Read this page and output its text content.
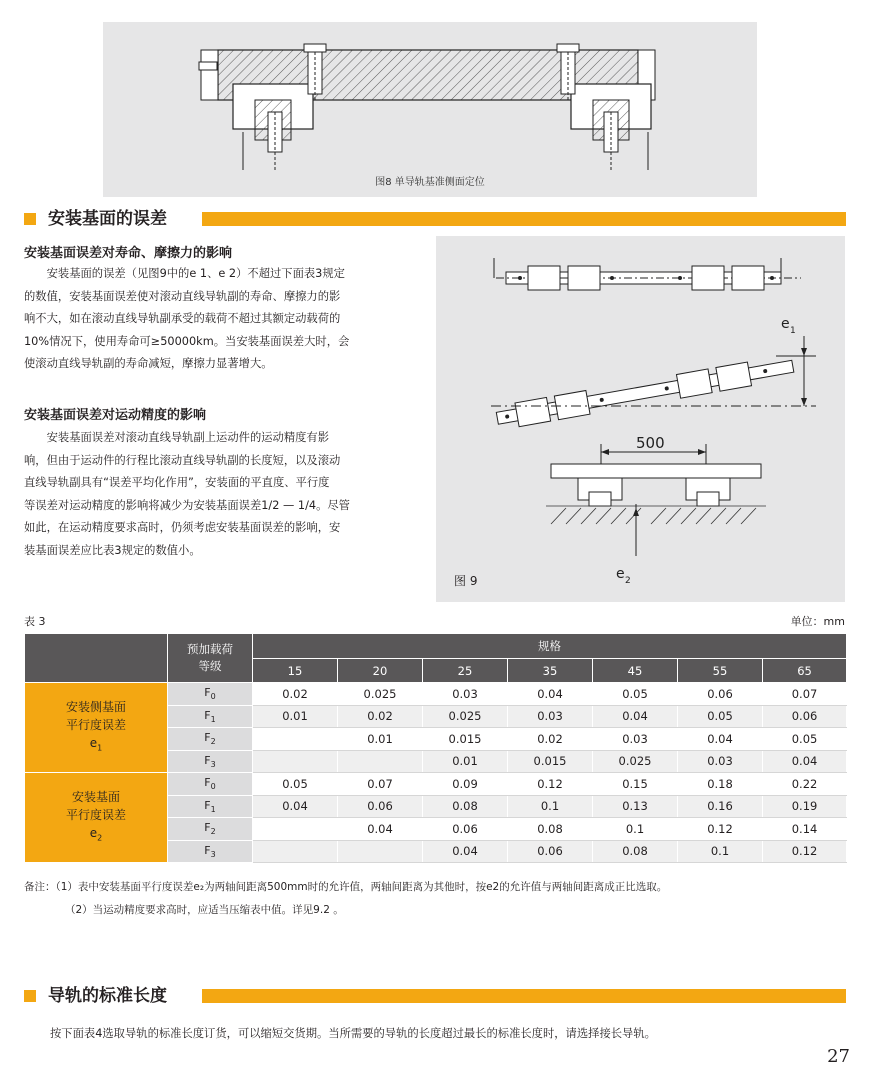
图8 单导轨基准侧面定位
安装基面的误差
安装基面误差对寿命、摩擦力的影响
安装基面的误差（见图9中的e 1、e 2）不超过下面表3规定
的数值，安装基面误差使对滚动直线导轨副的寿命、摩擦力的影
响不大，如在滚动直线导轨副承受的载荷不超过其额定动载荷的
10%情况下，使用寿命可≥50000km。当安装基面误差大时，会
使滚动直线导轨副的寿命减短，摩擦力显著增大。
安装基面误差对运动精度的影响
安装基面误差对滚动直线导轨副上运动件的运动精度有影
响，但由于运动件的行程比滚动直线导轨副的长度短，以及滚动
直线导轨副具有“误差平均化作用”，安装面的平直度、平行度
等误差对运动精度的影响将减少为安装基面误差1/2 — 1/4。尽管
如此，在运动精度要求高时，仍须考虑安装基面误差的影响，安
装基面误差应比表3规定的数值小。
e 1
500
e 2
图 9
表 3	单位：mm

	预加载荷
等级	规格						
		15	20	25	35	45	55	65

安装侧基面
平行度误差
$e_1$	$F_0$	0.02	0.025	0.03	0.04	0.05	0.06	0.07
	$F_1$	0.01	0.02	0.025	0.03	0.04	0.05	0.06
	$F_2$		0.01	0.015	0.02	0.03	0.04	0.05
	$F_3$			0.01	0.015	0.025	0.03	0.04

安装基面
平行度误差
$e_2$	$F_0$	0.05	0.07	0.09	0.12	0.15	0.18	0.22
	$F_1$	0.04	0.06	0.08	0.1	0.13	0.16	0.19
	$F_2$		0.04	0.06	0.08	0.1	0.12	0.14
	$F_3$			0.04	0.06	0.08	0.1	0.12
备注：（1）表中安装基面平行度误差e₂为两轴间距离500mm时的允许值，两轴间距离为其他时，按e2的允许值与两轴间距离成正比选取。
（2）当运动精度要求高时，应适当压缩表中值。详见9.2 。
导轨的标准长度
按下面表4选取导轨的标准长度订货，可以缩短交货期。当所需要的导轨的长度超过最长的标准长度时，请选择接长导轨。
27
